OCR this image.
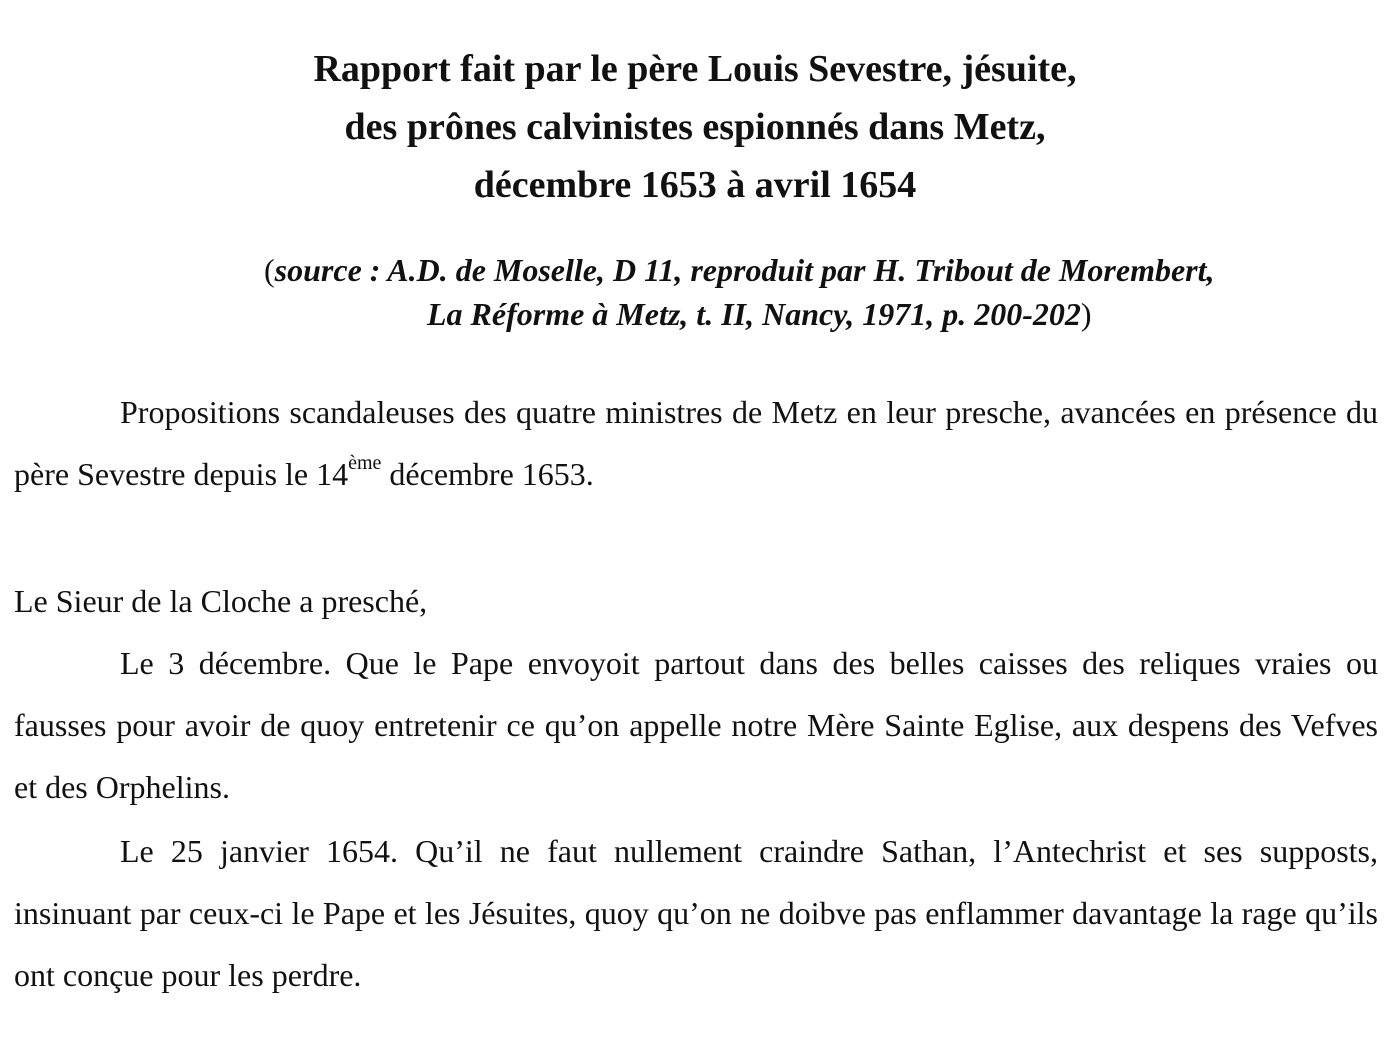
Rapport fait par le père Louis Sevestre, jésuite,
des prônes calvinistes espionnés dans Metz,
décembre 1653 à avril 1654

(source : A.D. de Moselle, D 11, reproduit par H. Tribout de Morembert,
La Réforme à Metz, t. II, Nancy, 1971, p. 200-202)

Propositions scandaleuses des quatre ministres de Metz en leur presche, avancées en présence du père Sevestre depuis le 14ème décembre 1653.

Le Sieur de la Cloche a presché,

Le 3 décembre. Que le Pape envoyoit partout dans des belles caisses des reliques vraies ou fausses pour avoir de quoy entretenir ce qu’on appelle notre Mère Sainte Eglise, aux despens des Vefves et des Orphelins.

Le 25 janvier 1654. Qu’il ne faut nullement craindre Sathan, l’Antechrist et ses supposts, insinuant par ceux-ci le Pape et les Jésuites, quoy qu’on ne doibve pas enflammer davantage la rage qu’ils ont conçue pour les perdre.
